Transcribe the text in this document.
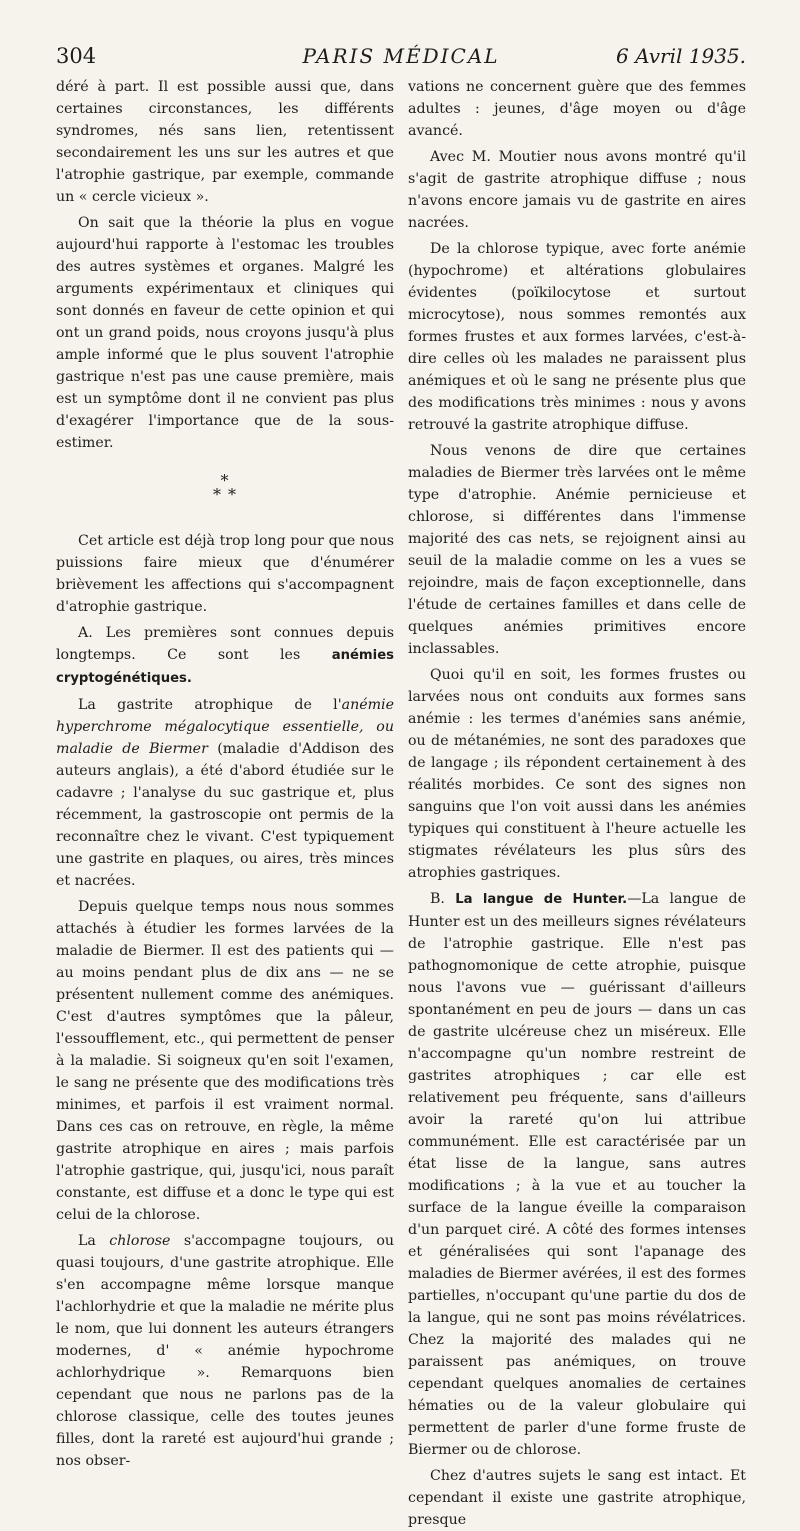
304	PARIS MÉDICAL	6 Avril 1935.

déré à part. Il est possible aussi que, dans certaines circonstances, les différents syndromes, nés sans lien, retentissent secondairement les uns sur les autres et que l'atrophie gastrique, par exemple, commande un « cercle vicieux ».

On sait que la théorie la plus en vogue aujourd'hui rapporte à l'estomac les troubles des autres systèmes et organes. Malgré les arguments expérimentaux et cliniques qui sont donnés en faveur de cette opinion et qui ont un grand poids, nous croyons jusqu'à plus ample informé que le plus souvent l'atrophie gastrique n'est pas une cause première, mais est un symptôme dont il ne convient pas plus d'exagérer l'importance que de la sous-estimer.

*
* *

Cet article est déjà trop long pour que nous puissions faire mieux que d'énumérer brièvement les affections qui s'accompagnent d'atrophie gastrique.

A. Les premières sont connues depuis longtemps. Ce sont les anémies cryptogénétiques.

La gastrite atrophique de l'anémie hyperchrome mégalocytique essentielle, ou maladie de Biermer (maladie d'Addison des auteurs anglais), a été d'abord étudiée sur le cadavre ; l'analyse du suc gastrique et, plus récemment, la gastroscopie ont permis de la reconnaître chez le vivant. C'est typiquement une gastrite en plaques, ou aires, très minces et nacrées.

Depuis quelque temps nous nous sommes attachés à étudier les formes larvées de la maladie de Biermer. Il est des patients qui — au moins pendant plus de dix ans — ne se présentent nullement comme des anémiques. C'est d'autres symptômes que la pâleur, l'essoufflement, etc., qui permettent de penser à la maladie. Si soigneux qu'en soit l'examen, le sang ne présente que des modifications très minimes, et parfois il est vraiment normal. Dans ces cas on retrouve, en règle, la même gastrite atrophique en aires ; mais parfois l'atrophie gastrique, qui, jusqu'ici, nous paraît constante, est diffuse et a donc le type qui est celui de la chlorose.

La chlorose s'accompagne toujours, ou quasi toujours, d'une gastrite atrophique. Elle s'en accompagne même lorsque manque l'achlorhydrie et que la maladie ne mérite plus le nom, que lui donnent les auteurs étrangers modernes, d' « anémie hypochrome achlorhydrique ». Remarquons bien cependant que nous ne parlons pas de la chlorose classique, celle des toutes jeunes filles, dont la rareté est aujourd'hui grande ; nos obser-

vations ne concernent guère que des femmes adultes : jeunes, d'âge moyen ou d'âge avancé.

Avec M. Moutier nous avons montré qu'il s'agit de gastrite atrophique diffuse ; nous n'avons encore jamais vu de gastrite en aires nacrées.

De la chlorose typique, avec forte anémie (hypochrome) et altérations globulaires évidentes (poïkilocytose et surtout microcytose), nous sommes remontés aux formes frustes et aux formes larvées, c'est-à-dire celles où les malades ne paraissent plus anémiques et où le sang ne présente plus que des modifications très minimes : nous y avons retrouvé la gastrite atrophique diffuse.

Nous venons de dire que certaines maladies de Biermer très larvées ont le même type d'atrophie. Anémie pernicieuse et chlorose, si différentes dans l'immense majorité des cas nets, se rejoignent ainsi au seuil de la maladie comme on les a vues se rejoindre, mais de façon exceptionnelle, dans l'étude de certaines familles et dans celle de quelques anémies primitives encore inclassables.

Quoi qu'il en soit, les formes frustes ou larvées nous ont conduits aux formes sans anémie : les termes d'anémies sans anémie, ou de métanémies, ne sont des paradoxes que de langage ; ils répondent certainement à des réalités morbides. Ce sont des signes non sanguins que l'on voit aussi dans les anémies typiques qui constituent à l'heure actuelle les stigmates révélateurs les plus sûrs des atrophies gastriques.

B. La langue de Hunter.—La langue de Hunter est un des meilleurs signes révélateurs de l'atrophie gastrique. Elle n'est pas pathognomonique de cette atrophie, puisque nous l'avons vue — guérissant d'ailleurs spontanément en peu de jours — dans un cas de gastrite ulcéreuse chez un miséreux. Elle n'accompagne qu'un nombre restreint de gastrites atrophiques ; car elle est relativement peu fréquente, sans d'ailleurs avoir la rareté qu'on lui attribue communément. Elle est caractérisée par un état lisse de la langue, sans autres modifications ; à la vue et au toucher la surface de la langue éveille la comparaison d'un parquet ciré. A côté des formes intenses et généralisées qui sont l'apanage des maladies de Biermer avérées, il est des formes partielles, n'occupant qu'une partie du dos de la langue, qui ne sont pas moins révélatrices. Chez la majorité des malades qui ne paraissent pas anémiques, on trouve cependant quelques anomalies de certaines hématies ou de la valeur globulaire qui permettent de parler d'une forme fruste de Biermer ou de chlorose.

Chez d'autres sujets le sang est intact. Et cependant il existe une gastrite atrophique, presque
